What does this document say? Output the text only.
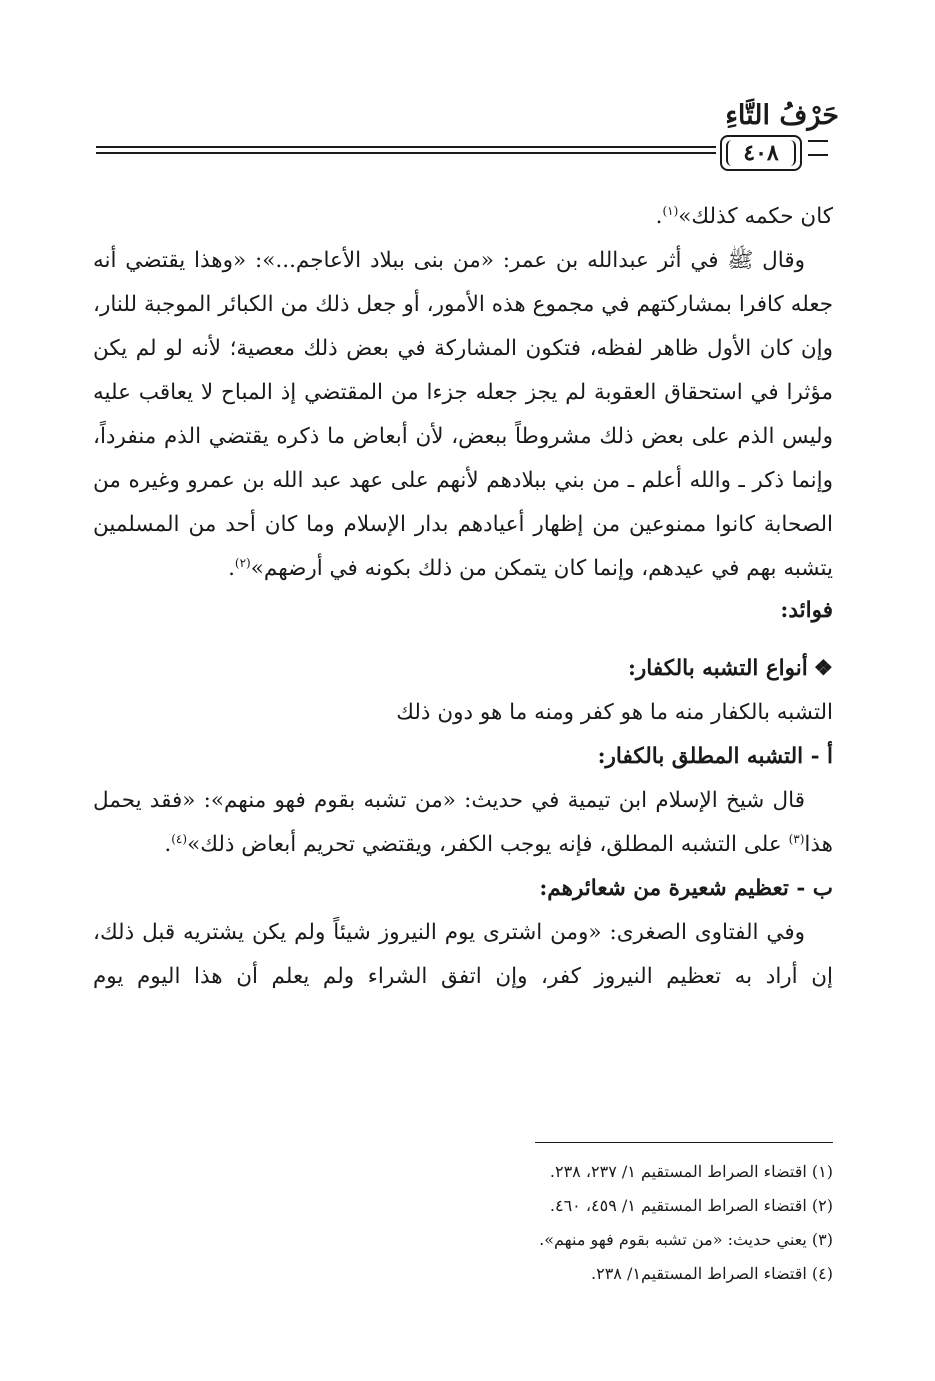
حَرْفُ التَّاءِ
٤٠٨

كان حكمه كذلك»$^{(١)}$.

وقال ﷺ في أثر عبدالله بن عمر: «من بنى ببلاد الأعاجم...»: «وهذا يقتضي أنه جعله كافرا بمشاركتهم في مجموع هذه الأمور، أو جعل ذلك من الكبائر الموجبة للنار، وإن كان الأول ظاهر لفظه، فتكون المشاركة في بعض ذلك معصية؛ لأنه لو لم يكن مؤثرا في استحقاق العقوبة لم يجز جعله جزءا من المقتضي إذ المباح لا يعاقب عليه وليس الذم على بعض ذلك مشروطاً ببعض، لأن أبعاض ما ذكره يقتضي الذم منفرداً، وإنما ذكر ـ والله أعلم ـ من بني ببلادهم لأنهم على عهد عبد الله بن عمرو وغيره من الصحابة كانوا ممنوعين من إظهار أعيادهم بدار الإسلام وما كان أحد من المسلمين يتشبه بهم في عيدهم، وإنما كان يتمكن من ذلك بكونه في أرضهم»$^{(٢)}$.

فوائد:

❖أنواع التشبه بالكفار:

التشبه بالكفار منه ما هو كفر ومنه ما هو دون ذلك

أ - التشبه المطلق بالكفار:

قال شيخ الإسلام ابن تيمية في حديث: «من تشبه بقوم فهو منهم»: «فقد يحمل هذا$^{(٣)}$ على التشبه المطلق، فإنه يوجب الكفر، ويقتضي تحريم أبعاض ذلك»$^{(٤)}$.

ب - تعظيم شعيرة من شعائرهم:

وفي الفتاوى الصغرى: «ومن اشترى يوم النيروز شيئاً ولم يكن يشتريه قبل ذلك، إن أراد به تعظيم النيروز كفر، وإن اتفق الشراء ولم يعلم أن هذا اليوم يوم

(١) اقتضاء الصراط المستقيم ١/ ٢٣٧، ٢٣٨.

(٢) اقتضاء الصراط المستقيم ١/ ٤٥٩، ٤٦٠.

(٣) يعني حديث: «من تشبه بقوم فهو منهم».

(٤) اقتضاء الصراط المستقيم١/ ٢٣٨.
